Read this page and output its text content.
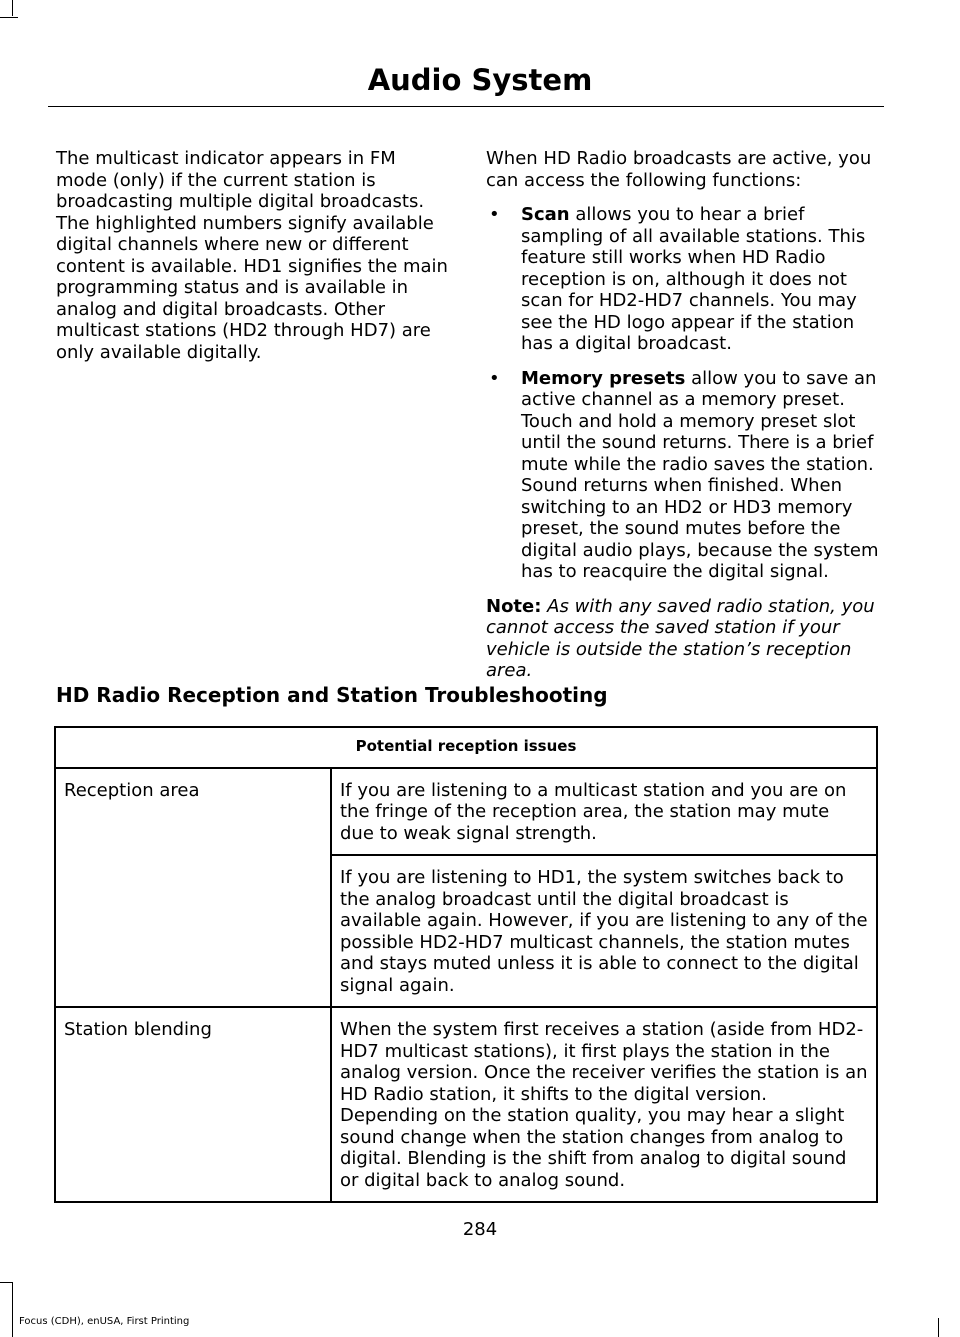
Audio System

The multicast indicator appears in FM mode (only) if the current station is broadcasting multiple digital broadcasts. The highlighted numbers signify available digital channels where new or different content is available. HD1 signifies the main programming status and is available in analog and digital broadcasts. Other multicast stations (HD2 through HD7) are only available digitally.

When HD Radio broadcasts are active, you can access the following functions:

• Scan allows you to hear a brief sampling of all available stations. This feature still works when HD Radio reception is on, although it does not scan for HD2-HD7 channels. You may see the HD logo appear if the station has a digital broadcast.
• Memory presets allow you to save an active channel as a memory preset. Touch and hold a memory preset slot until the sound returns. There is a brief mute while the radio saves the station. Sound returns when finished. When switching to an HD2 or HD3 memory preset, the sound mutes before the digital audio plays, because the system has to reacquire the digital signal.

Note: As with any saved radio station, you cannot access the saved station if your vehicle is outside the station’s reception area.

HD Radio Reception and Station Troubleshooting
Potential reception issues	
Reception area	If you are listening to a multicast station and you are on the fringe of the reception area, the station may mute due to weak signal strength.
	If you are listening to HD1, the system switches back to the analog broadcast until the digital broadcast is available again. However, if you are listening to any of the possible HD2-HD7 multicast channels, the station mutes and stays muted unless it is able to connect to the digital signal again.
Station blending	When the system first receives a station (aside from HD2-HD7 multicast stations), it first plays the station in the analog version. Once the receiver verifies the station is an HD Radio station, it shifts to the digital version. Depending on the station quality, you may hear a slight sound change when the station changes from analog to digital. Blending is the shift from analog to digital sound or digital back to analog sound.
284
Focus (CDH), enUSA, First Printing
